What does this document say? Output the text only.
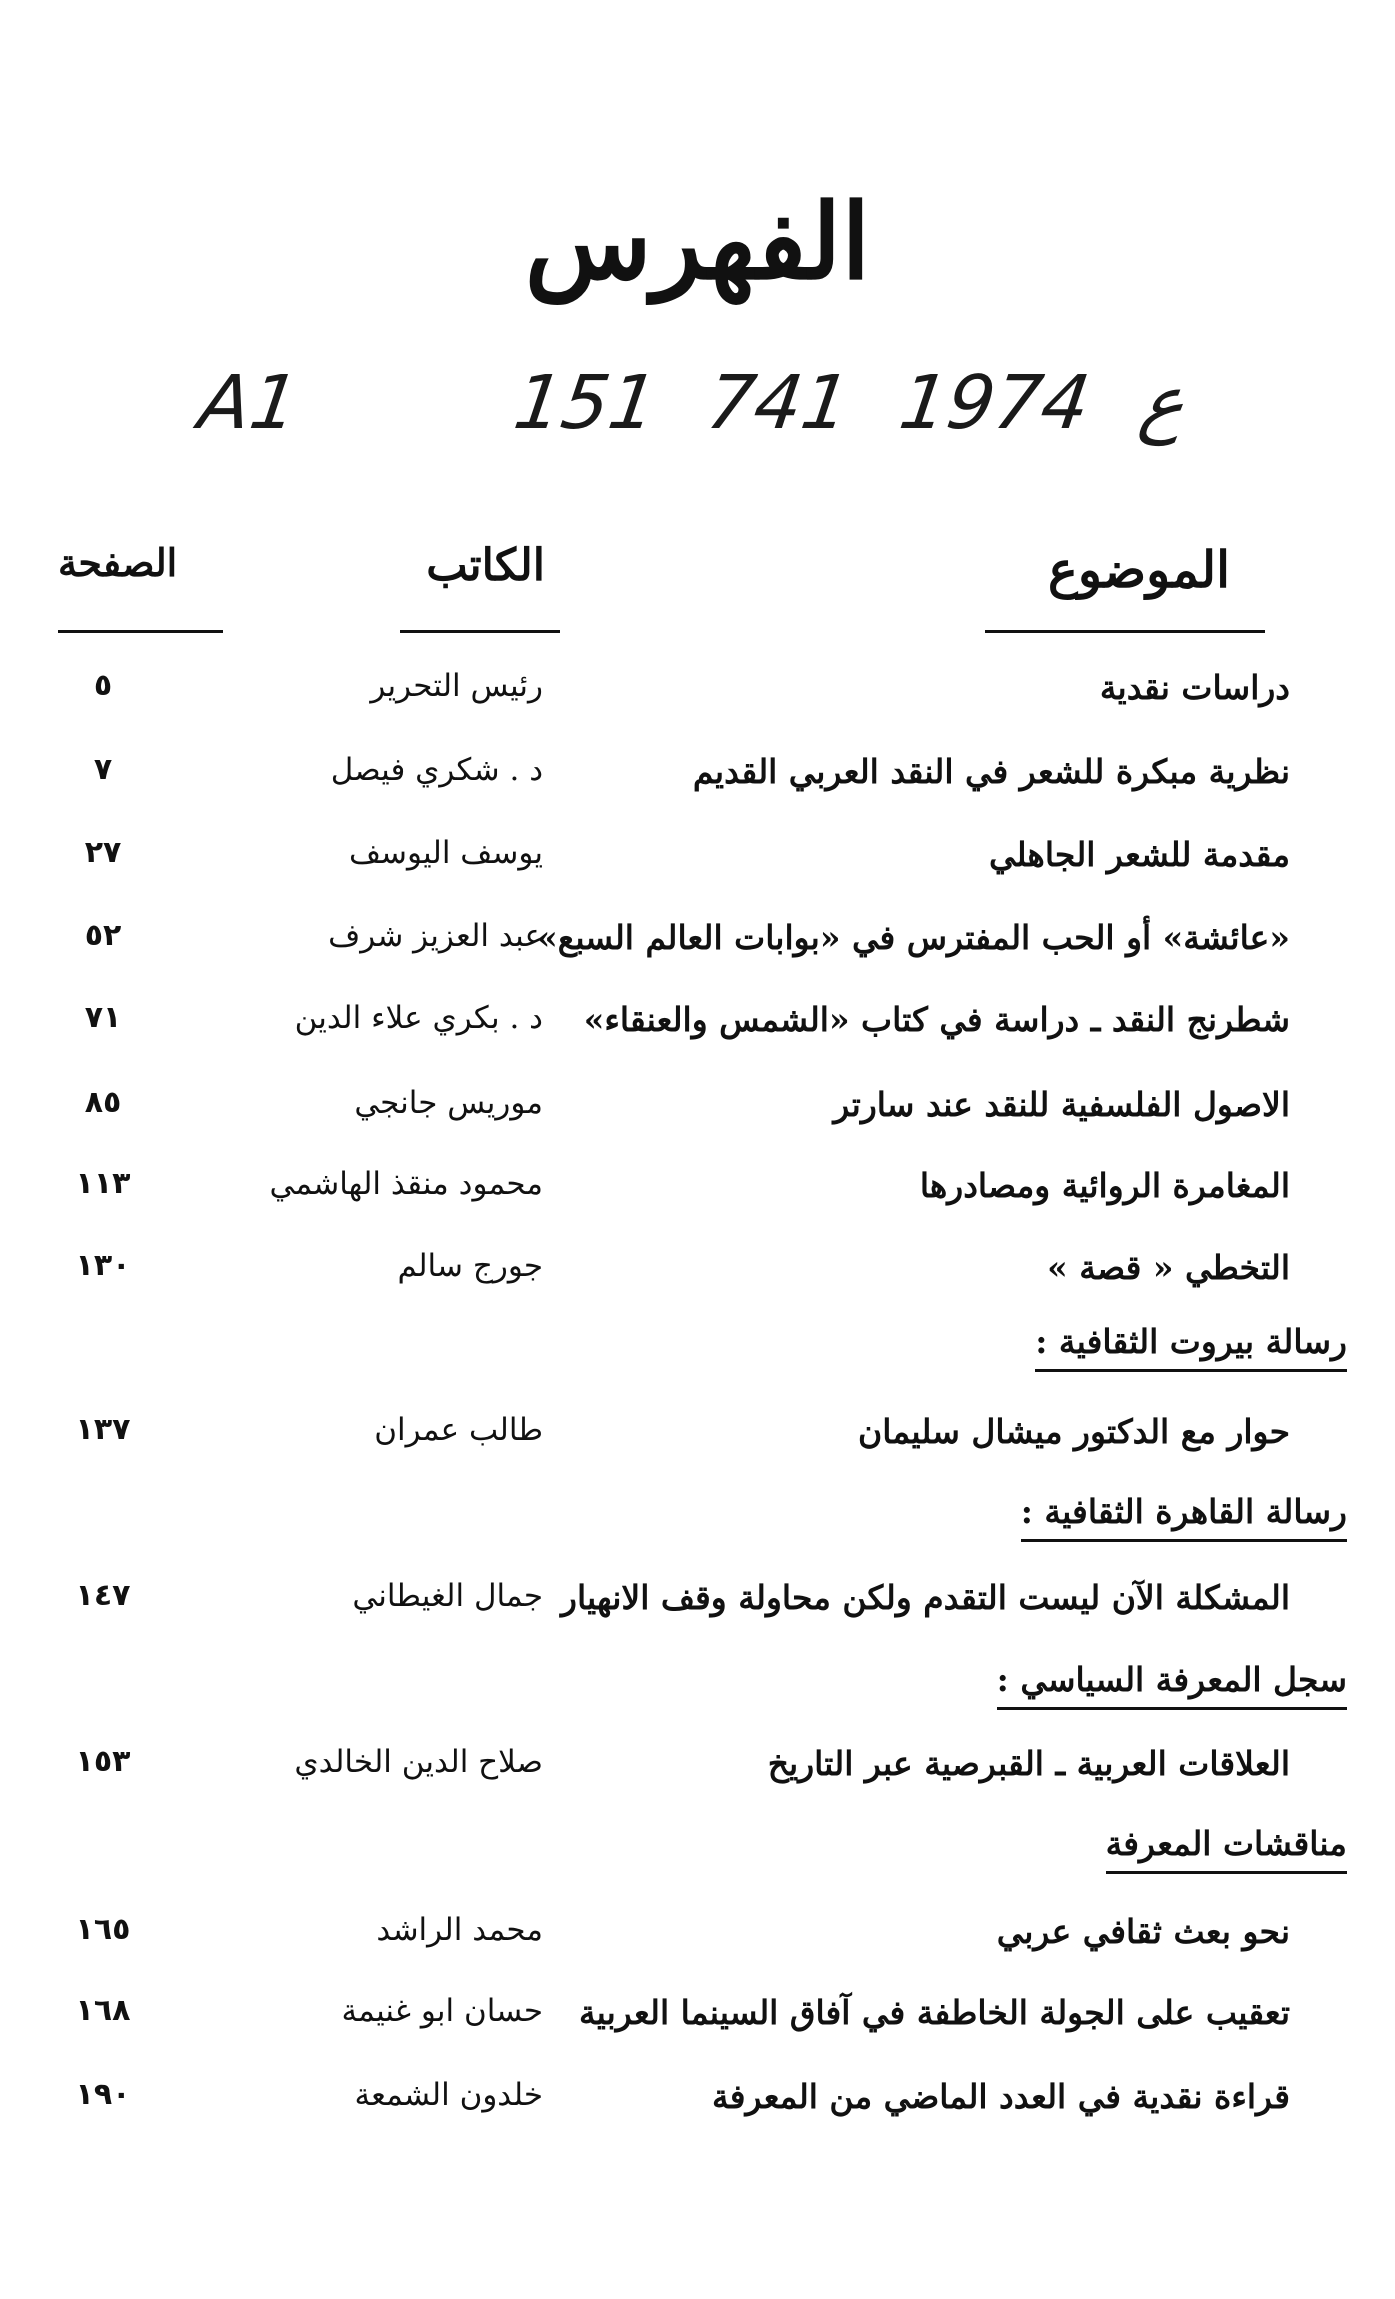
الفهرس
A1	151 ع 1974 741
الموضوع
الكاتب
الصفحة
دراسات نقدية
رئيس التحرير
٥
نظرية مبكرة للشعر في النقد العربي القديم
د . شكري فيصل
٧
مقدمة للشعر الجاهلي
يوسف اليوسف
٢٧
«عائشة» أو الحب المفترس في «بوابات العالم السبع»
عبد العزيز شرف
٥٢
شطرنج النقد ـ دراسة في كتاب «الشمس والعنقاء»
د . بكري علاء الدين
٧١
الاصول الفلسفية للنقد عند سارتر
موريس جانجي
٨٥
المغامرة الروائية ومصادرها
محمود منقذ الهاشمي
١١٣
التخطي « قصة »
جورج سالم
١٣٠
رسالة بيروت الثقافية :
حوار مع الدكتور ميشال سليمان
طالب عمران
١٣٧
رسالة القاهرة الثقافية :
المشكلة الآن ليست التقدم ولكن محاولة وقف الانهيار
جمال الغيطاني
١٤٧
سجل المعرفة السياسي :
العلاقات العربية ـ القبرصية عبر التاريخ
صلاح الدين الخالدي
١٥٣
مناقشات المعرفة
نحو بعث ثقافي عربي
محمد الراشد
١٦٥
تعقيب على الجولة الخاطفة في آفاق السينما العربية
حسان ابو غنيمة
١٦٨
قراءة نقدية في العدد الماضي من المعرفة
خلدون الشمعة
١٩٠
